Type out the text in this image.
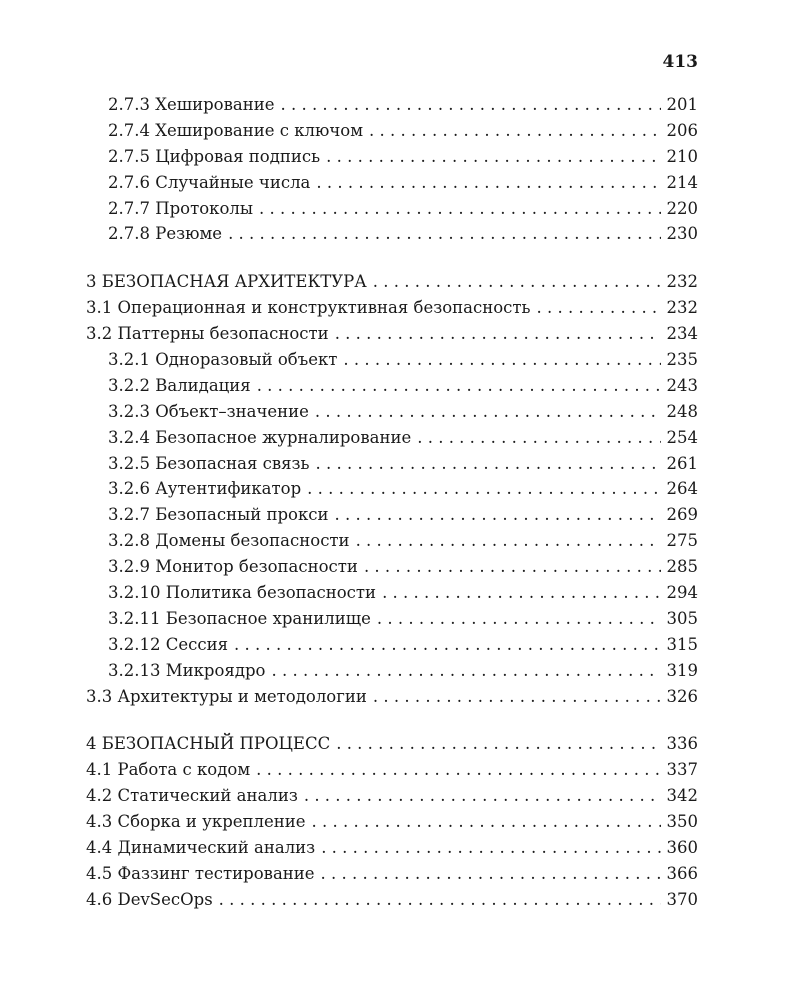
413
2.7.3 Хеширование . . .	201
2.7.4 Хеширование с ключом . . .	206
2.7.5 Цифровая подпись . . .	210
2.7.6 Случайные числа . . .	214
2.7.7 Протоколы . . .	220
2.7.8 Резюме . . .	230
3 БЕЗОПАСНАЯ АРХИТЕКТУРА . . .	232
3.1 Операционная и конструктивная безопасность . . .	232
3.2 Паттерны безопасности . . .	234
3.2.1 Одноразовый объект . . .	235
3.2.2 Валидация . . .	243
3.2.3 Объект–значение . . .	248
3.2.4 Безопасное журналирование . . .	254
3.2.5 Безопасная связь . . .	261
3.2.6 Аутентификатор . . .	264
3.2.7 Безопасный прокси . . .	269
3.2.8 Домены безопасности . . .	275
3.2.9 Монитор безопасности . . .	285
3.2.10 Политика безопасности . . .	294
3.2.11 Безопасное хранилище . . .	305
3.2.12 Сессия . . .	315
3.2.13 Микроядро . . .	319
3.3 Архитектуры и методологии . . .	326
4 БЕЗОПАСНЫЙ ПРОЦЕСС . . .	336
4.1 Работа с кодом . . .	337
4.2 Статический анализ . . .	342
4.3 Сборка и укрепление . . .	350
4.4 Динамический анализ . . .	360
4.5 Фаззинг тестирование . . .	366
4.6 DevSecOps . . .	370
